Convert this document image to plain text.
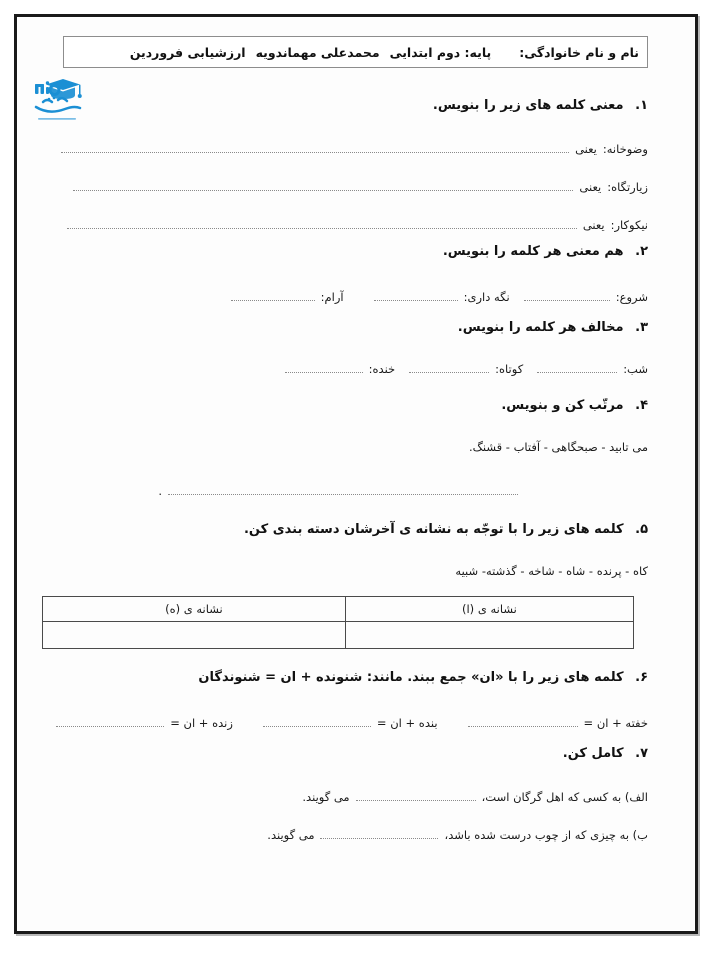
نام و نام خانوادگی:
پایه: دوم ابتدایی
محمدعلی مهماندویه
ارزشیابی فروردین
۱. معنی کلمه های زیر را بنویس.
وضوخانه:
یعنی
زیارتگاه:
یعنی
نیکوکار:
یعنی
۲. هم معنی هر کلمه را بنویس.
شروع:
نگه داری:
آرام:
۳. مخالف هر کلمه را بنویس.
شب:
کوتاه:
خنده:
۴. مرتّب کن و بنویس.
می تابید - صبحگاهی - آفتاب - قشنگ.
.
۵. کلمه های زیر را با توجّه به نشانه ی آخرشان دسته بندی کن.
کاه - پرنده - شاه - شاخه - گذشته- شبیه
نشانه ی (ا)	نشانه ی (ه)

۶. کلمه های زیر را با «ان» جمع ببند. مانند: شنونده + ان = شنوندگان
خفته + ان =
بنده + ان =
زنده + ان =
۷. کامل کن.
الف) به کسی که اهل گرگان است،
می گویند.
ب) به چیزی که از چوب درست شده باشد،
می گویند.
